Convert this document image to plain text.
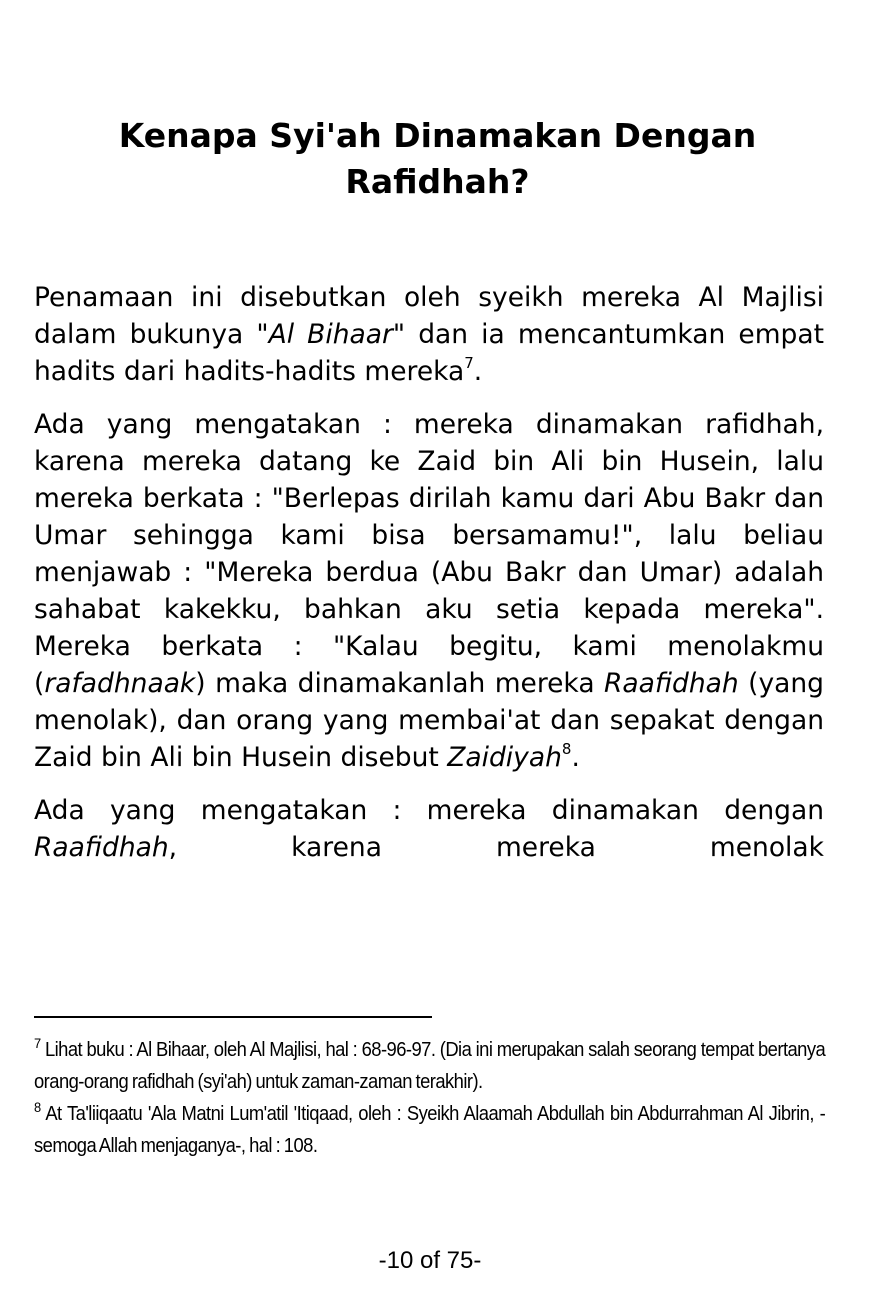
Kenapa Syi'ah Dinamakan Dengan Rafidhah?

Penamaan ini disebutkan oleh syeikh mereka Al Majlisi dalam bukunya "Al Bihaar" dan ia mencantumkan empat hadits dari hadits-hadits mereka$^7$.

Ada yang mengatakan : mereka dinamakan rafidhah, karena mereka datang ke Zaid bin Ali bin Husein, lalu mereka berkata : "Berlepas dirilah kamu dari Abu Bakr dan Umar sehingga kami bisa bersamamu!", lalu beliau menjawab : "Mereka berdua (Abu Bakr dan Umar) adalah sahabat kakekku, bahkan aku setia kepada mereka". Mereka berkata : "Kalau begitu, kami menolakmu (rafadhnaak) maka dinamakanlah mereka Raafidhah (yang menolak), dan orang yang membai'at dan sepakat dengan Zaid bin Ali bin Husein disebut Zaidiyah$^8$.

Ada yang mengatakan : mereka dinamakan dengan Raafidhah, karena mereka menolak

$^7$ Lihat buku : Al Bihaar, oleh Al Majlisi, hal : 68-96-97. (Dia ini merupakan salah seorang tempat bertanya orang-orang rafidhah (syi'ah) untuk zaman-zaman terakhir).

$^8$ At Ta'liiqaatu 'Ala Matni Lum'atil 'Itiqaad, oleh : Syeikh Alaamah Abdullah bin Abdurrahman Al Jibrin, -semoga Allah menjaganya-, hal : 108.

-10 of 75-
